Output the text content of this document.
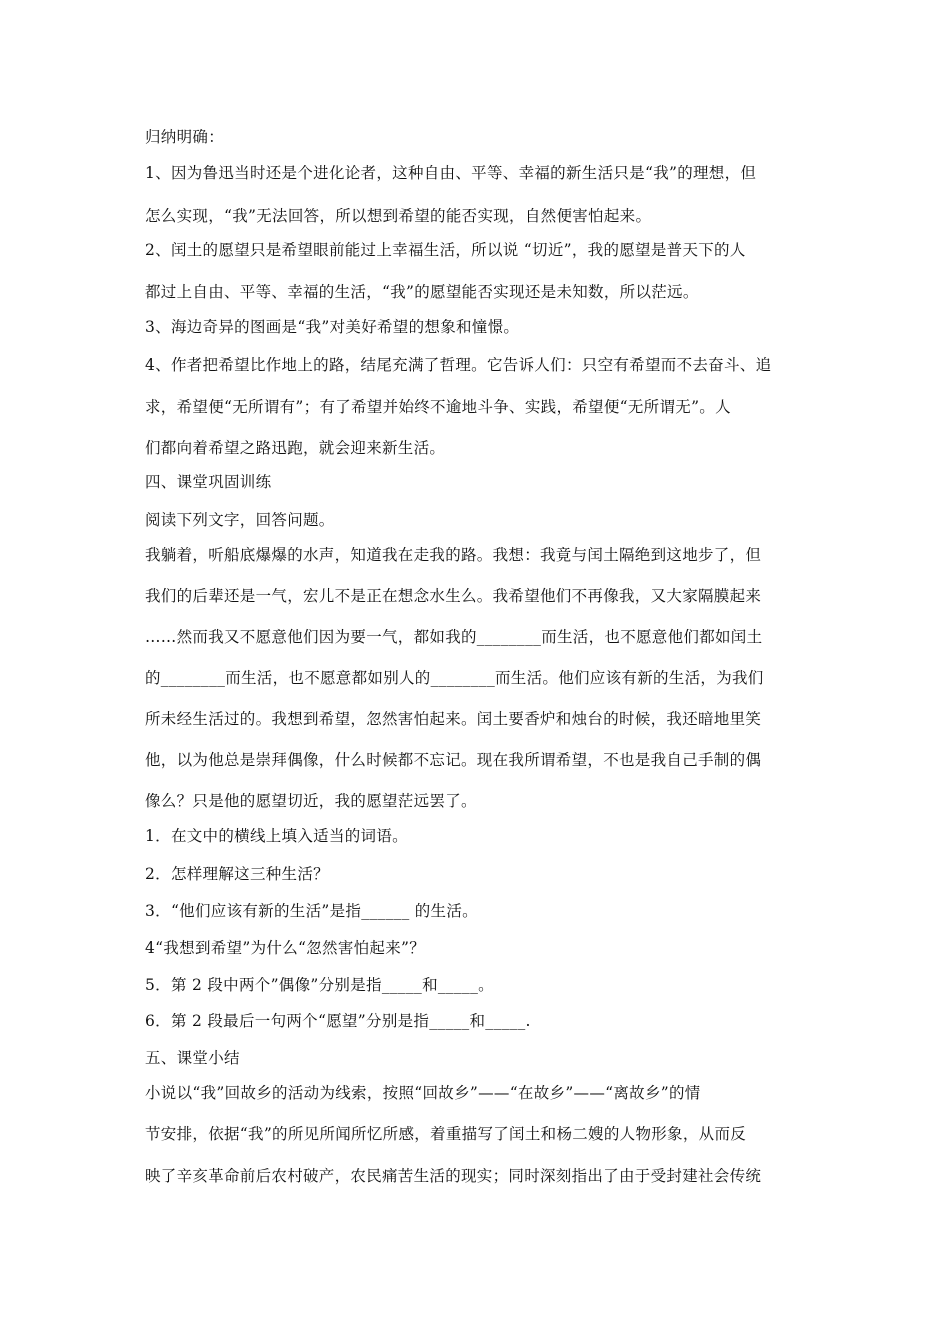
归纳明确：
1、因为鲁迅当时还是个进化论者，这种自由、平等、幸福的新生活只是“我”的理想，但
怎么实现，“我”无法回答，所以想到希望的能否实现，自然便害怕起来。
2、闰土的愿望只是希望眼前能过上幸福生活，所以说 “切近”，我的愿望是普天下的人
都过上自由、平等、幸福的生活，“我”的愿望能否实现还是未知数，所以茫远。
3、海边奇异的图画是“我”对美好希望的想象和憧憬。
4、作者把希望比作地上的路，结尾充满了哲理。它告诉人们：只空有希望而不去奋斗、追
求，希望便“无所谓有”；有了希望并始终不逾地斗争、实践，希望便“无所谓无”。人
们都向着希望之路迅跑，就会迎来新生活。
四、课堂巩固训练
阅读下列文字，回答问题。
我躺着，听船底爆爆的水声，知道我在走我的路。我想：我竟与闰土隔绝到这地步了，但
我们的后辈还是一气，宏儿不是正在想念水生么。我希望他们不再像我，又大家隔膜起来
……然而我又不愿意他们因为要一气，都如我的________而生活，也不愿意他们都如闰土
的________而生活，也不愿意都如别人的________而生活。他们应该有新的生活，为我们
所未经生活过的。我想到希望，忽然害怕起来。闰土要香炉和烛台的时候，我还暗地里笑
他，以为他总是崇拜偶像，什么时候都不忘记。现在我所谓希望，不也是我自己手制的偶
像么？只是他的愿望切近，我的愿望茫远罢了。
1．在文中的横线上填入适当的词语。
2．怎样理解这三种生活？
3．“他们应该有新的生活”是指______ 的生活。
4“我想到希望”为什么“忽然害怕起来”？
5．第 2 段中两个”偶像”分别是指_____和_____。
6．第 2 段最后一句两个“愿望”分别是指_____和_____.
五、课堂小结
小说以“我”回故乡的活动为线索，按照“回故乡”——“在故乡”——“离故乡”的情
节安排，依据“我”的所见所闻所忆所感，着重描写了闰土和杨二嫂的人物形象，从而反
映了辛亥革命前后农村破产，农民痛苦生活的现实；同时深刻指出了由于受封建社会传统
